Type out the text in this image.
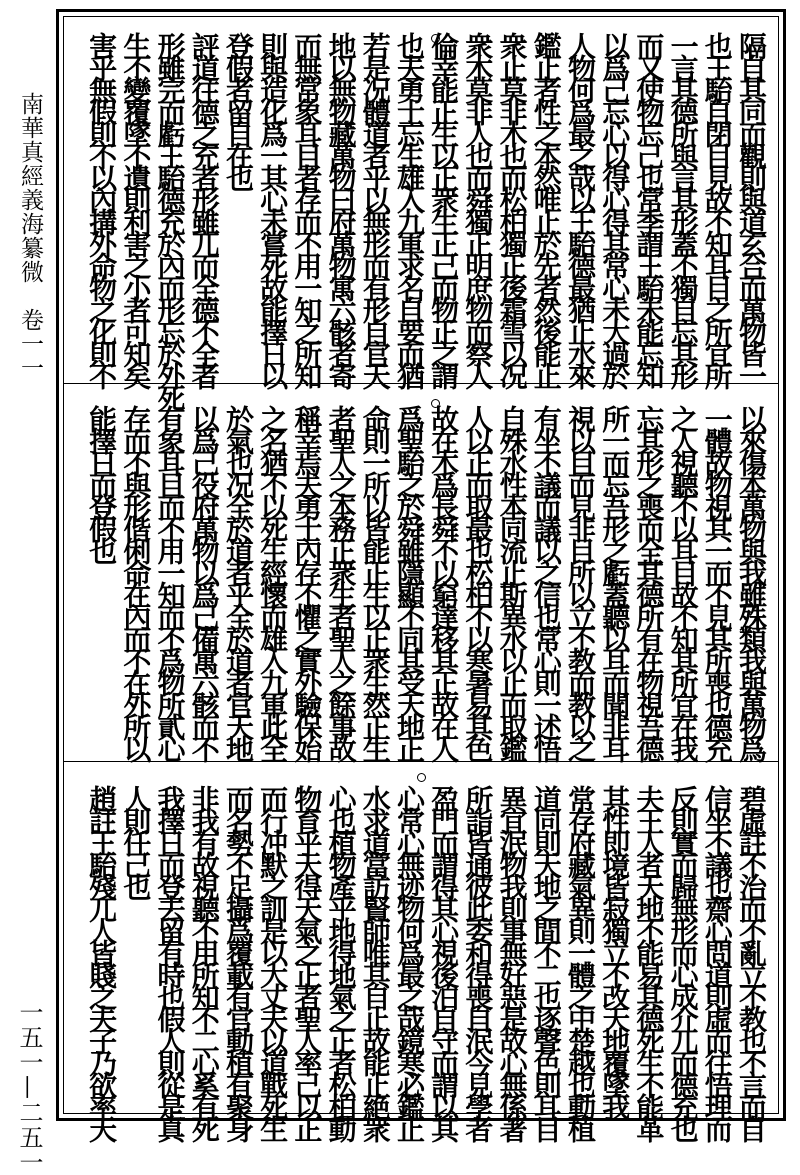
隔自其同而觀則與道玄合而萬物皆一
也王駘自閉目見故不知耳目之所宜所
一言其德所與言其形蓋不獨自忘其形
而又使物忘己也常季謂王駘未能忘知
以爲己忘心以得心得其常心未大過於
人物何爲最之哉以王駘德最猶止水來
鑑止者性之本然唯止於先者然後能止
衆止莫非木也而松柏獨正後霜雪以况
衆木莫非人也而舜獨正明庶物而察人
倫幸能正生以正衆生正己而物正之謂
也夫勇士忘生雄入九軍求名自要而猶
若是况體道者乎以無形而有形自官天
地以無物藏萬物曰府萬物寓六骸者寄
而無常象耳目者存而不用一知之所知
則與造化爲一其心未嘗死故能擇日以
登假者留自在也
評道往德之充者形雖兀而全德不全者
形雖完而虧王駘德充於內而形忘於外死
生不變覆墜不遺則利害之小者可知矣
害乎無假則不以內搆外命物之化則不
以來傷本萬物與我雖殊類我與萬物爲
一體故物視其一而不見其所喪也德充
之人視聽不以耳目故不知其所宜在我
忘其形之喪而全其德所有在物視吾德
所一而忘吾形之虧蓋聽以耳而聞非耳
視以目而見非目所以立不教而教以之
有坐不議而議以之信也常心則一述悟
自殊水性本同流止斯異水以止而取鑑
人以正而取最也松柏不以寒暑易其色
故在木爲長舜不以窮達移其正故在人
爲聖駘之於舜雖隱顯不同其受天地正
命則一所以皆能正生以正衆生然正生
者聖人之本務正衆生者聖人之餘事故
稱幸焉夫勇士內存不懼之實外驗保始
之名猶不以死生經懷而雄入九軍此全
於氣也况全於道者乎全於道者官天地
以爲己役府萬物以爲己備寓六骸而不
有象耳目而不用一知而不爲物所貳心
存而不與形偕俐命在內而不在外所以
能擇日而登假也
碧虛註不治而不亂立不教也不言而自
信坐不議也齋心問道則虛而往悟理而
反則實而歸無形而心成介兀而德充也
夫王人者天地不能易其德死生不能革
其性即境皆寂獨立不改天地覆墜我
常存府藏氣異則一體之中楚越也動植
道同則天地之間不二也逐聲色則耳目
異宜泯物我則事無好惡是故心無係著
所詣皆通彼此委和得喪自泯今見學者
盈門而謂得其心視後泊自守而謂以其
心常心無迹物何爲最之哉鏡寒必鑑止
水求道當訪賢師唯其自止故能止絶衆
心也植物產乎地得地氣之正者松柏動
物育乎天得天氣之正者聖人率己以正
而行冲默之訓是以大丈夫以道戰死生
而名勢不足攝爲覆載有官動植有聚身
非我有故視聽不用所知不二心奚有死
我擇日而登去留有時也假人則從是真
人則任己也
趙註王駘殘兀人皆賤之夫子乃欲率天
南華真經義海纂微　卷一一
一五一—二五一
